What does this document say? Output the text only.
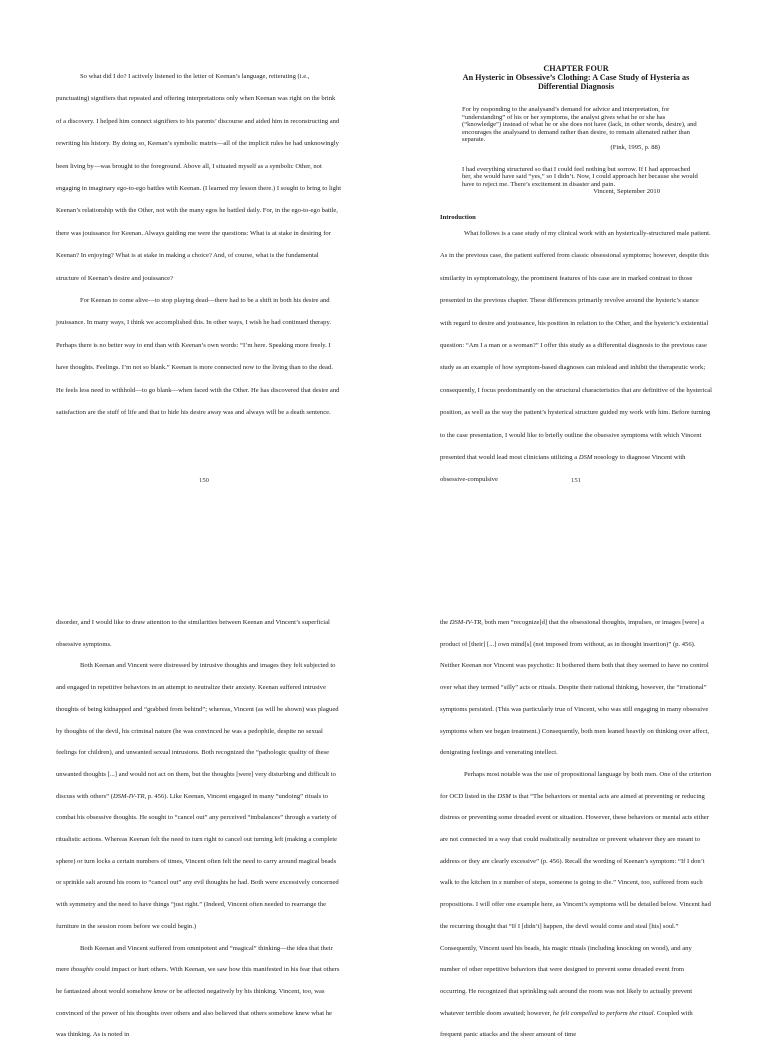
So what did I do? I actively listened to the letter of Keenan’s language, reiterating (i.e., punctuating) signifiers that repeated and offering interpretations only when Keenan was right on the brink of a discovery. I helped him connect signifiers to his parents’ discourse and aided him in reconstructing and rewriting his history. By doing so, Keenan’s symbolic matrix—all of the implicit rules he had unknowingly been living by—was brought to the foreground. Above all, I situated myself as a symbolic Other, not engaging in imaginary ego-to-ego battles with Keenan. (I learned my lesson there.) I sought to bring to light Keenan’s relationship with the Other, not with the many egos he battled daily. For, in the ego-to-ego battle, there was jouissance for Keenan. Always guiding me were the questions: What is at stake in desiring for Keenan? In enjoying? What is at stake in making a choice? And, of course, what is the fundamental structure of Keenan’s desire and jouissance?

For Keenan to come alive—to stop playing dead—there had to be a shift in both his desire and jouissance. In many ways, I think we accomplished this. In other ways, I wish he had continued therapy. Perhaps there is no better way to end than with Keenan’s own words: “I’m here. Speaking more freely. I have thoughts. Feelings. I’m not so blank.” Keenan is more connected now to the living than to the dead. He feels less need to withhold—to go blank—when faced with the Other. He has discovered that desire and satisfaction are the stuff of life and that to hide his desire away was and always will be a death sentence.

150

CHAPTER FOUR

An Hysteric in Obsessive’s Clothing: A Case Study of Hysteria as Differential Diagnosis

For by responding to the analysand’s demand for advice and interpretation, for “understanding” of his or her symptoms, the analyst gives what he or she has (“knowledge”) instead of what he or she does not have (lack, in other words, desire), and encourages the analysand to demand rather than desire, to remain alienated rather than separate.
(Fink, 1995, p. 88)
I had everything structured so that I could feel nothing but sorrow. If I had approached her, she would have said “yes,” so I didn’t. Now, I could approach her because she would have to reject me. There’s excitement in disaster and pain.
Vincent, September 2010
Introduction

What follows is a case study of my clinical work with an hysterically-structured male patient. As in the previous case, the patient suffered from classic obsessional symptoms; however, despite this similarity in symptomatology, the prominent features of his case are in marked contrast to those presented in the previous chapter. These differences primarily revolve around the hysteric’s stance with regard to desire and jouissance, his position in relation to the Other, and the hysteric’s existential question: “Am I a man or a woman?” I offer this study as a differential diagnosis to the previous case study as an example of how symptom-based diagnoses can mislead and inhibit the therapeutic work; consequently, I focus predominantly on the structural characteristics that are definitive of the hysterical position, as well as the way the patient’s hysterical structure guided my work with him. Before turning to the case presentation, I would like to briefly outline the obsessive symptoms with which Vincent presented that would lead most clinicians utilizing a DSM nosology to diagnose Vincent with obsessive-compulsive	151

disorder, and I would like to draw attention to the similarities between Keenan and Vincent’s superficial obsessive symptoms.

Both Keenan and Vincent were distressed by intrusive thoughts and images they felt subjected to and engaged in repetitive behaviors in an attempt to neutralize their anxiety. Keenan suffered intrusive thoughts of being kidnapped and “grabbed from behind”; whereas, Vincent (as will be shown) was plagued by thoughts of the devil, his criminal nature (he was convinced he was a pedophile, despite no sexual feelings for children), and unwanted sexual intrusions. Both recognized the “pathologic quality of these unwanted thoughts [...] and would not act on them, but the thoughts [were] very disturbing and difficult to discuss with others” (DSM-IV-TR, p. 456). Like Keenan, Vincent engaged in many “undoing” rituals to combat his obsessive thoughts. He sought to “cancel out” any perceived “imbalances” through a variety of ritualistic actions. Whereas Keenan felt the need to turn right to cancel out turning left (making a complete sphere) or turn locks a certain numbers of times, Vincent often felt the need to carry around magical beads or sprinkle salt around his room to “cancel out” any evil thoughts he had. Both were excessively concerned with symmetry and the need to have things “just right.” (Indeed, Vincent often needed to rearrange the furniture in the session room before we could begin.)

Both Keenan and Vincent suffered from omnipotent and “magical” thinking—the idea that their mere thoughts could impact or hurt others. With Keenan, we saw how this manifested in his fear that others he fantasized about would somehow know or be affected negatively by his thinking. Vincent, too, was convinced of the power of his thoughts over others and also believed that others somehow knew what he was thinking. As is noted in

the DSM-IV-TR, both men “recognize[d] that the obsessional thoughts, impulses, or images [were] a product of [their] [...] own mind[s] (not imposed from without, as in thought insertion)” (p. 456). Neither Keenan nor Vincent was psychotic: It bothered them both that they seemed to have no control over what they termed “silly” acts or rituals. Despite their rational thinking, however, the “irrational” symptoms persisted. (This was particularly true of Vincent, who was still engaging in many obsessive symptoms when we began treatment.) Consequently, both men leaned heavily on thinking over affect, denigrating feelings and venerating intellect.

Perhaps most notable was the use of propositional language by both men. One of the criterion for OCD listed in the DSM is that “The behaviors or mental acts are aimed at preventing or reducing distress or preventing some dreaded event or situation. However, these behaviors or mental acts either are not connected in a way that could realistically neutralize or prevent whatever they are meant to address or they are clearly excessive” (p. 456). Recall the wording of Keenan’s symptom: “If I don’t walk to the kitchen in x number of steps, someone is going to die.” Vincent, too, suffered from such propositions. I will offer one example here, as Vincent’s symptoms will be detailed below. Vincent had the recurring thought that “If I [didn’t] happen, the devil would come and steal [his] soul.” Consequently, Vincent used his beads, his magic rituals (including knocking on wood), and any number of other repetitive behaviors that were designed to prevent some dreaded event from occurring. He recognized that sprinkling salt around the room was not likely to actually prevent whatever terrible doom awaited; however, he felt compelled to perform the ritual. Coupled with frequent panic attacks and the sheer amount of time
